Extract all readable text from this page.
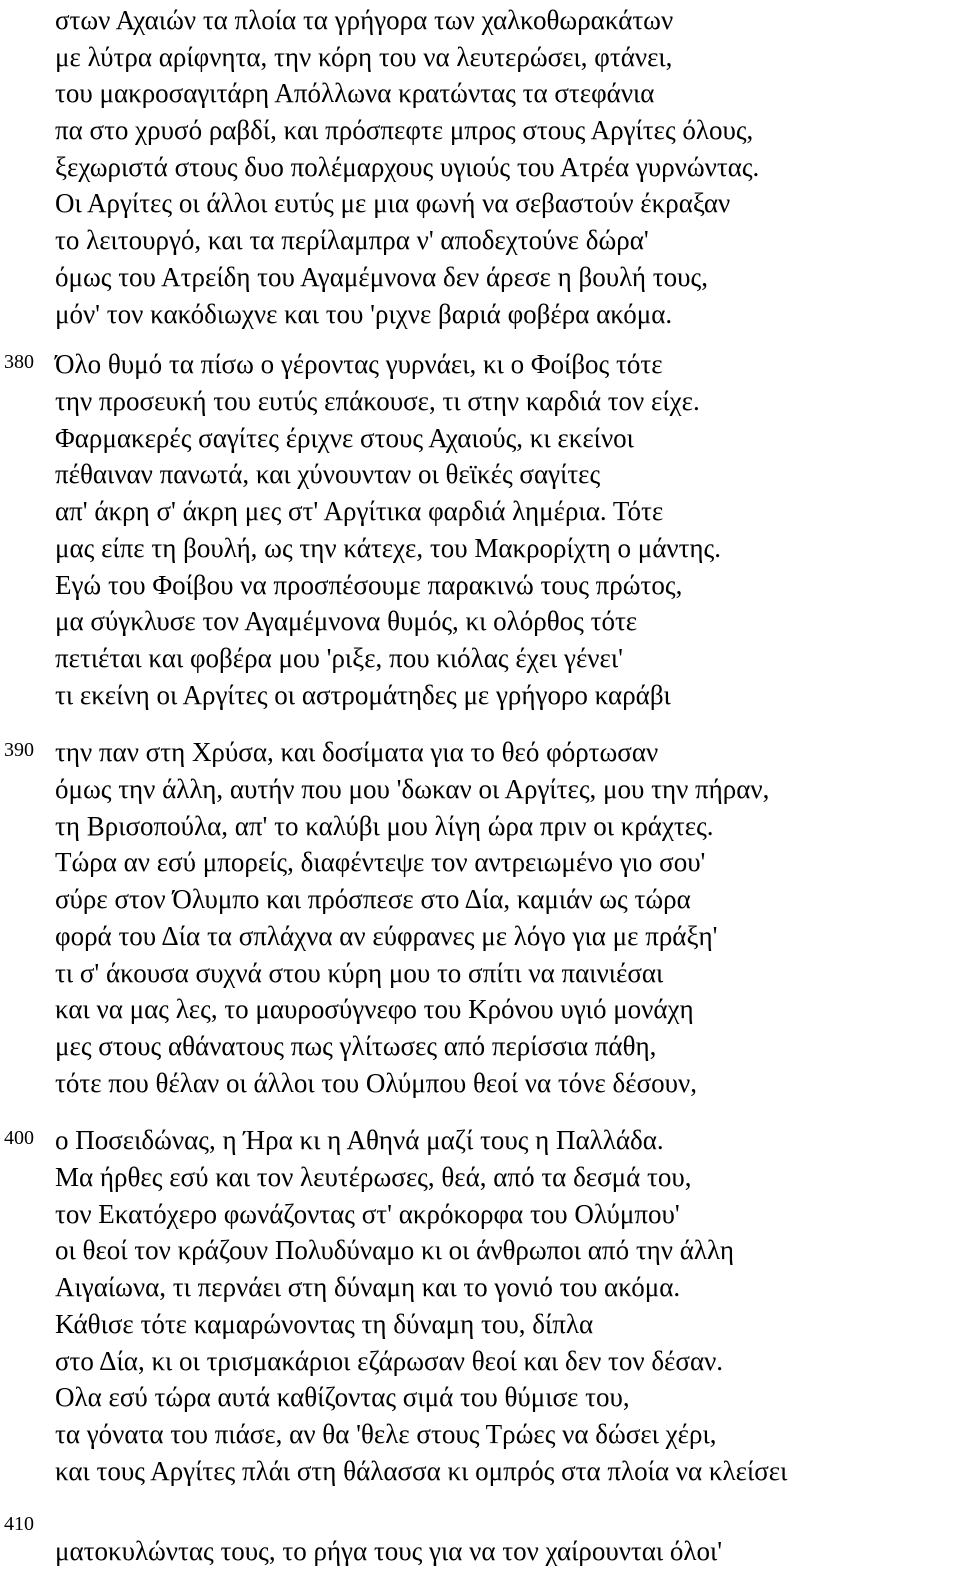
στων Αχαιών τα πλοία τα γρήγορα των χαλκοθωρακάτων
με λύτρα αρίφνητα, την κόρη του να λευτερώσει, φτάνει,
του μακροσαγιτάρη Απόλλωνα κρατώντας τα στεφάνια
πα στο χρυσό ραβδί, και πρόσπεφτε μπρος στους Αργίτες όλους,
ξεχωριστά στους δυο πολέμαρχους υγιούς του Ατρέα γυρνώντας.
Οι Αργίτες οι άλλοι ευτύς με μια φωνή να σεβαστούν έκραξαν
το λειτουργό, και τα περίλαμπρα ν' αποδεχτούνε δώρα'
όμως του Ατρείδη του Αγαμέμνονα δεν άρεσε η βουλή τους,
μόν' τον κακόδιωχνε και του 'ριχνε βαριά φοβέρα ακόμα.
380 Όλο θυμό τα πίσω ο γέροντας γυρνάει, κι ο Φοίβος τότε
την προσευκή του ευτύς επάκουσε, τι στην καρδιά τον είχε.
Φαρμακερές σαγίτες έριχνε στους Αχαιούς, κι εκείνοι
πέθαιναν πανωτά, και χύνουνταν οι θεϊκές σαγίτες
απ' άκρη σ' άκρη μες στ' Αργίτικα φαρδιά λημέρια. Τότε
μας είπε τη βουλή, ως την κάτεχε, του Μακρορίχτη ο μάντης.
Εγώ του Φοίβου να προσπέσουμε παρακινώ τους πρώτος,
μα σύγκλυσε τον Αγαμέμνονα θυμός, κι ολόρθος τότε
πετιέται και φοβέρα μου 'ριξε, που κιόλας έχει γένει'
τι εκείνη οι Αργίτες οι αστρομάτηδες με γρήγορο καράβι
390 την παν στη Χρύσα, και δοσίματα για το θεό φόρτωσαν
όμως την άλλη, αυτήν που μου 'δωκαν οι Αργίτες, μου την πήραν,
τη Βρισοπούλα, απ' το καλύβι μου λίγη ώρα πριν οι κράχτες.
Τώρα αν εσύ μπορείς, διαφέντεψε τον αντρειωμένο γιο σου'
σύρε στον Όλυμπο και πρόσπεσε στο Δία, καμιάν ως τώρα
φορά του Δία τα σπλάχνα αν εύφρανες με λόγο για με πράξη'
τι σ' άκουσα συχνά στου κύρη μου το σπίτι να παινιέσαι
και να μας λες, το μαυροσύγνεφο του Κρόνου υγιό μονάχη
μες στους αθάνατους πως γλίτωσες από περίσσια πάθη,
τότε που θέλαν οι άλλοι του Ολύμπου θεοί να τόνε δέσουν,
400 ο Ποσειδώνας, η Ήρα κι η Αθηνά μαζί τους η Παλλάδα.
Μα ήρθες εσύ και τον λευτέρωσες, θεά, από τα δεσμά του,
τον Εκατόχερο φωνάζοντας στ' ακρόκορφα του Ολύμπου'
οι θεοί τον κράζουν Πολυδύναμο κι οι άνθρωποι από την άλλη
Αιγαίωνα, τι περνάει στη δύναμη και το γονιό του ακόμα.
Κάθισε τότε καμαρώνοντας τη δύναμη του, δίπλα
στο Δία, κι οι τρισμακάριοι εζάρωσαν θεοί και δεν τον δέσαν.
Ολα εσύ τώρα αυτά καθίζοντας σιμά του θύμισε του,
τα γόνατα του πιάσε, αν θα 'θελε στους Τρώες να δώσει χέρι,
και τους Αργίτες πλάι στη θάλασσα κι ομπρός στα πλοία να κλείσει
410
ματοκυλώντας τους, το ρήγα τους για να τον χαίρουνται όλοι'
